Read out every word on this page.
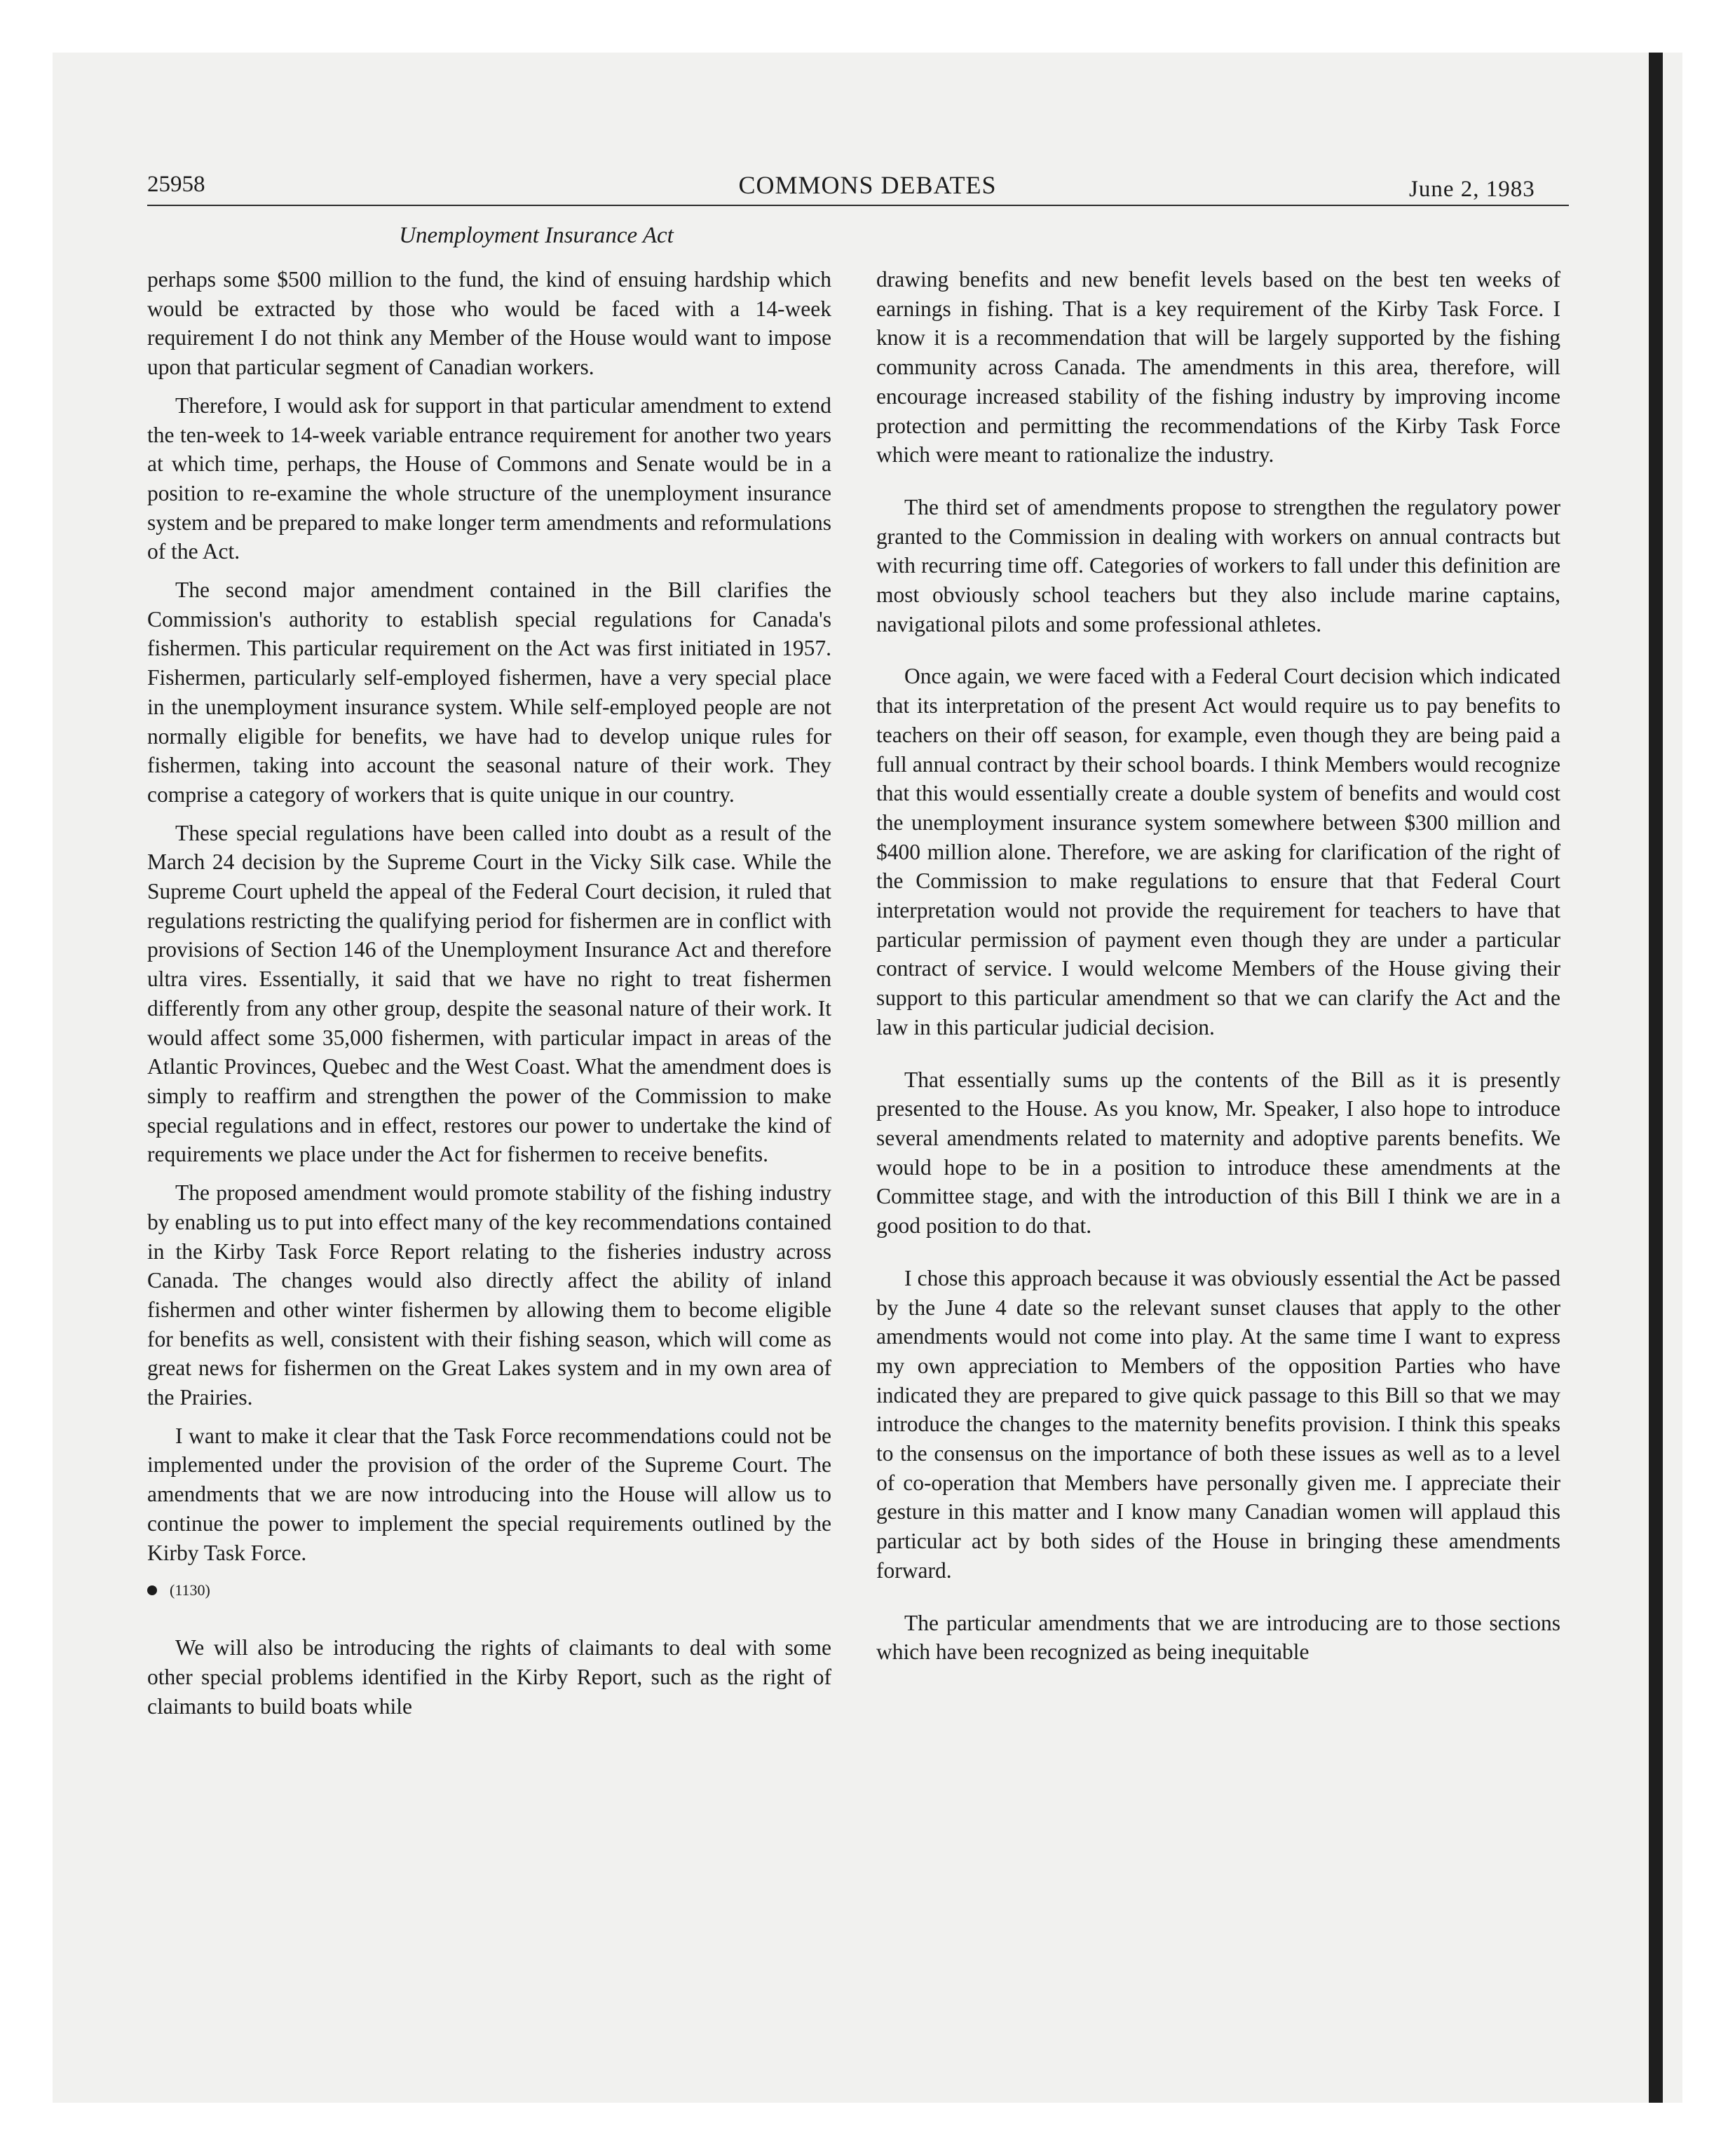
25958	COMMONS DEBATES	June 2, 1983
Unemployment Insurance Act

perhaps some $500 million to the fund, the kind of ensuing hardship which would be extracted by those who would be faced with a 14-week requirement I do not think any Member of the House would want to impose upon that particular segment of Canadian workers.

Therefore, I would ask for support in that particular amendment to extend the ten-week to 14-week variable entrance requirement for another two years at which time, perhaps, the House of Commons and Senate would be in a position to re-examine the whole structure of the unemployment insurance system and be prepared to make longer term amendments and reformulations of the Act.

The second major amendment contained in the Bill clarifies the Commission's authority to establish special regulations for Canada's fishermen. This particular requirement on the Act was first initiated in 1957. Fishermen, particularly self-employed fishermen, have a very special place in the unemployment insurance system. While self-employed people are not normally eligible for benefits, we have had to develop unique rules for fishermen, taking into account the seasonal nature of their work. They comprise a category of workers that is quite unique in our country.

These special regulations have been called into doubt as a result of the March 24 decision by the Supreme Court in the Vicky Silk case. While the Supreme Court upheld the appeal of the Federal Court decision, it ruled that regulations restricting the qualifying period for fishermen are in conflict with provisions of Section 146 of the Unemployment Insurance Act and therefore ultra vires. Essentially, it said that we have no right to treat fishermen differently from any other group, despite the seasonal nature of their work. It would affect some 35,000 fishermen, with particular impact in areas of the Atlantic Provinces, Quebec and the West Coast. What the amendment does is simply to reaffirm and strengthen the power of the Commission to make special regulations and in effect, restores our power to undertake the kind of requirements we place under the Act for fishermen to receive benefits.

The proposed amendment would promote stability of the fishing industry by enabling us to put into effect many of the key recommendations contained in the Kirby Task Force Report relating to the fisheries industry across Canada. The changes would also directly affect the ability of inland fishermen and other winter fishermen by allowing them to become eligible for benefits as well, consistent with their fishing season, which will come as great news for fishermen on the Great Lakes system and in my own area of the Prairies.

I want to make it clear that the Task Force recommendations could not be implemented under the provision of the order of the Supreme Court. The amendments that we are now introducing into the House will allow us to continue the power to implement the special requirements outlined by the Kirby Task Force.

(1130)

We will also be introducing the rights of claimants to deal with some other special problems identified in the Kirby Report, such as the right of claimants to build boats while

drawing benefits and new benefit levels based on the best ten weeks of earnings in fishing. That is a key requirement of the Kirby Task Force. I know it is a recommendation that will be largely supported by the fishing community across Canada. The amendments in this area, therefore, will encourage increased stability of the fishing industry by improving income protection and permitting the recommendations of the Kirby Task Force which were meant to rationalize the industry.

The third set of amendments propose to strengthen the regulatory power granted to the Commission in dealing with workers on annual contracts but with recurring time off. Categories of workers to fall under this definition are most obviously school teachers but they also include marine captains, navigational pilots and some professional athletes.

Once again, we were faced with a Federal Court decision which indicated that its interpretation of the present Act would require us to pay benefits to teachers on their off season, for example, even though they are being paid a full annual contract by their school boards. I think Members would recognize that this would essentially create a double system of benefits and would cost the unemployment insurance system somewhere between $300 million and $400 million alone. Therefore, we are asking for clarification of the right of the Commission to make regulations to ensure that that Federal Court interpretation would not provide the requirement for teachers to have that particular permission of payment even though they are under a particular contract of service. I would welcome Members of the House giving their support to this particular amendment so that we can clarify the Act and the law in this particular judicial decision.

That essentially sums up the contents of the Bill as it is presently presented to the House. As you know, Mr. Speaker, I also hope to introduce several amendments related to maternity and adoptive parents benefits. We would hope to be in a position to introduce these amendments at the Committee stage, and with the introduction of this Bill I think we are in a good position to do that.

I chose this approach because it was obviously essential the Act be passed by the June 4 date so the relevant sunset clauses that apply to the other amendments would not come into play. At the same time I want to express my own appreciation to Members of the opposition Parties who have indicated they are prepared to give quick passage to this Bill so that we may introduce the changes to the maternity benefits provision. I think this speaks to the consensus on the importance of both these issues as well as to a level of co-operation that Members have personally given me. I appreciate their gesture in this matter and I know many Canadian women will applaud this particular act by both sides of the House in bringing these amendments forward.

The particular amendments that we are introducing are to those sections which have been recognized as being inequitable
